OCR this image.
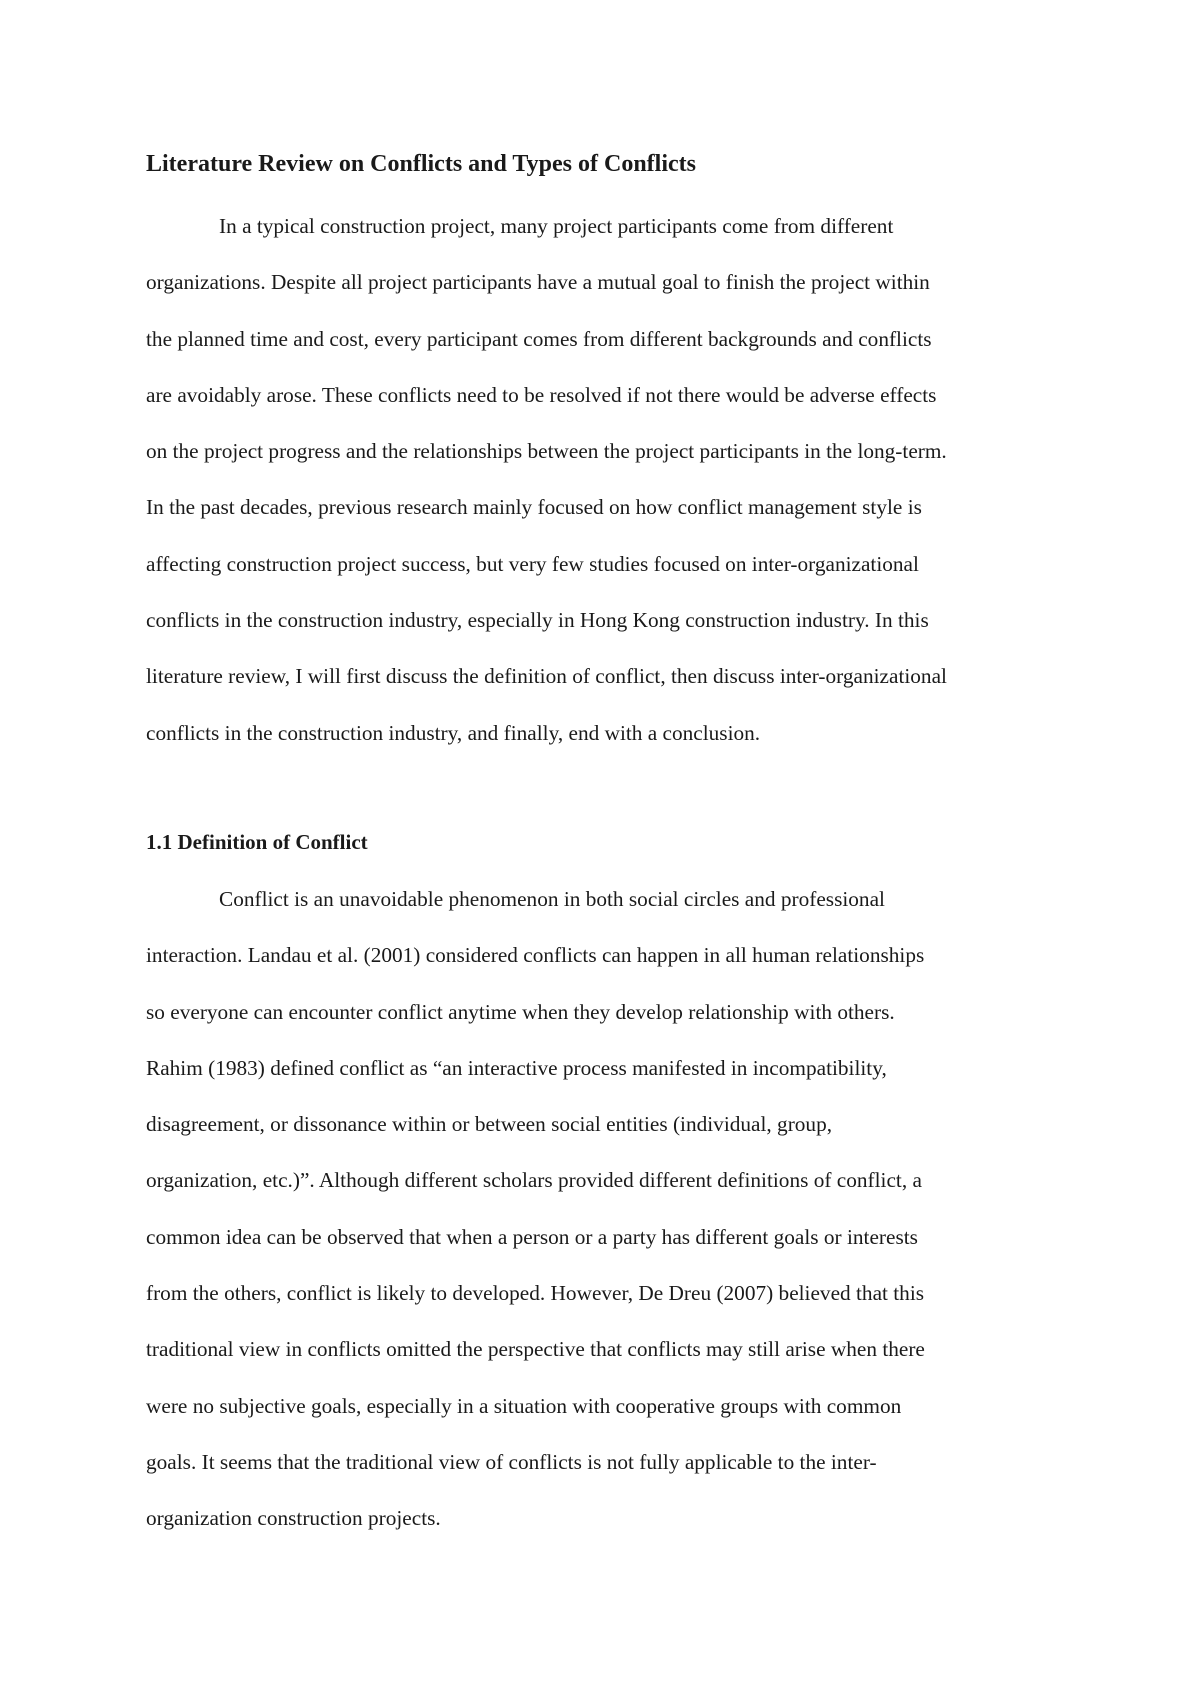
Literature Review on Conflicts and Types of Conflicts

In a typical construction project, many project participants come from different
organizations. Despite all project participants have a mutual goal to finish the project within
the planned time and cost, every participant comes from different backgrounds and conflicts
are avoidably arose. These conflicts need to be resolved if not there would be adverse effects
on the project progress and the relationships between the project participants in the long-term.
In the past decades, previous research mainly focused on how conflict management style is
affecting construction project success, but very few studies focused on inter-organizational
conflicts in the construction industry, especially in Hong Kong construction industry. In this
literature review, I will first discuss the definition of conflict, then discuss inter-organizational
conflicts in the construction industry, and finally, end with a conclusion.

1.1 Definition of Conflict

Conflict is an unavoidable phenomenon in both social circles and professional
interaction. Landau et al. (2001) considered conflicts can happen in all human relationships
so everyone can encounter conflict anytime when they develop relationship with others.
Rahim (1983) defined conflict as “an interactive process manifested in incompatibility,
disagreement, or dissonance within or between social entities (individual, group,
organization, etc.)”. Although different scholars provided different definitions of conflict, a
common idea can be observed that when a person or a party has different goals or interests
from the others, conflict is likely to developed. However, De Dreu (2007) believed that this
traditional view in conflicts omitted the perspective that conflicts may still arise when there
were no subjective goals, especially in a situation with cooperative groups with common
goals. It seems that the traditional view of conflicts is not fully applicable to the inter-
organization construction projects.
